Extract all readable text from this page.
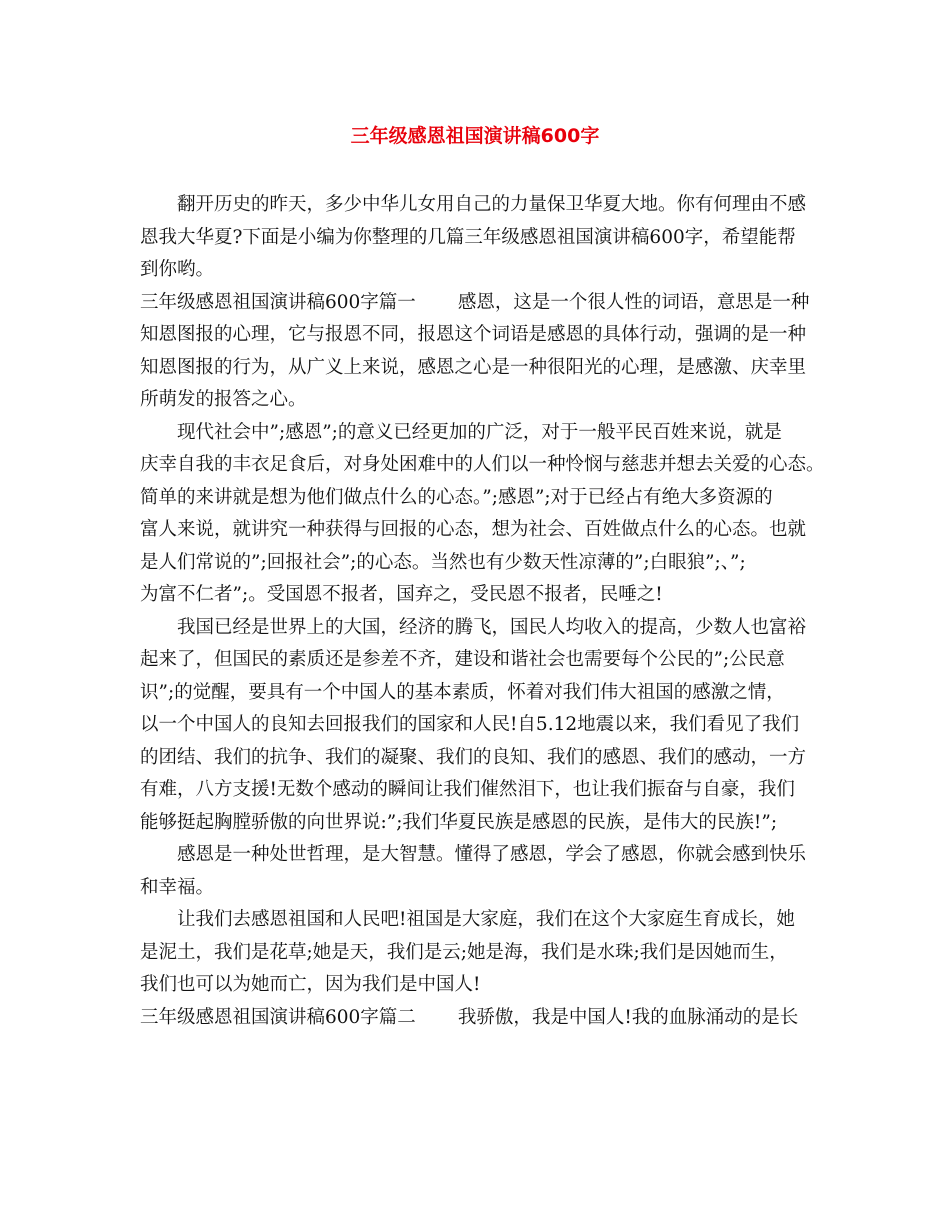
三年级感恩祖国演讲稿600字
翻开历史的昨天，多少中华儿女用自己的力量保卫华夏大地。你有何理由不感
恩我大华夏?下面是小编为你整理的几篇三年级感恩祖国演讲稿600字，希望能帮
到你哟。
三年级感恩祖国演讲稿600字篇一 感恩，这是一个很人性的词语，意思是一种
知恩图报的心理，它与报恩不同，报恩这个词语是感恩的具体行动，强调的是一种
知恩图报的行为，从广义上来说，感恩之心是一种很阳光的心理，是感激、庆幸里
所萌发的报答之心。
现代社会中”;感恩”;的意义已经更加的广泛，对于一般平民百姓来说，就是
庆幸自我的丰衣足食后，对身处困难中的人们以一种怜悯与慈悲并想去关爱的心态。
简单的来讲就是想为他们做点什么的心态。”;感恩”;对于已经占有绝大多资源的
富人来说，就讲究一种获得与回报的心态，想为社会、百姓做点什么的心态。也就
是人们常说的”;回报社会”;的心态。当然也有少数天性凉薄的”;白眼狼”;、”;
为富不仁者”;。受国恩不报者，国弃之，受民恩不报者，民唾之!
我国已经是世界上的大国，经济的腾飞，国民人均收入的提高，少数人也富裕
起来了，但国民的素质还是参差不齐，建设和谐社会也需要每个公民的”;公民意
识”;的觉醒，要具有一个中国人的基本素质，怀着对我们伟大祖国的感激之情，
以一个中国人的良知去回报我们的国家和人民!自5.12地震以来，我们看见了我们
的团结、我们的抗争、我们的凝聚、我们的良知、我们的感恩、我们的感动，一方
有难，八方支援!无数个感动的瞬间让我们催然泪下，也让我们振奋与自豪，我们
能够挺起胸膛骄傲的向世界说:”;我们华夏民族是感恩的民族，是伟大的民族!”;
感恩是一种处世哲理，是大智慧。懂得了感恩，学会了感恩，你就会感到快乐
和幸福。
让我们去感恩祖国和人民吧!祖国是大家庭，我们在这个大家庭生育成长，她
是泥土，我们是花草;她是天，我们是云;她是海，我们是水珠;我们是因她而生，
我们也可以为她而亡，因为我们是中国人!
三年级感恩祖国演讲稿600字篇二 我骄傲，我是中国人!我的血脉涌动的是长
